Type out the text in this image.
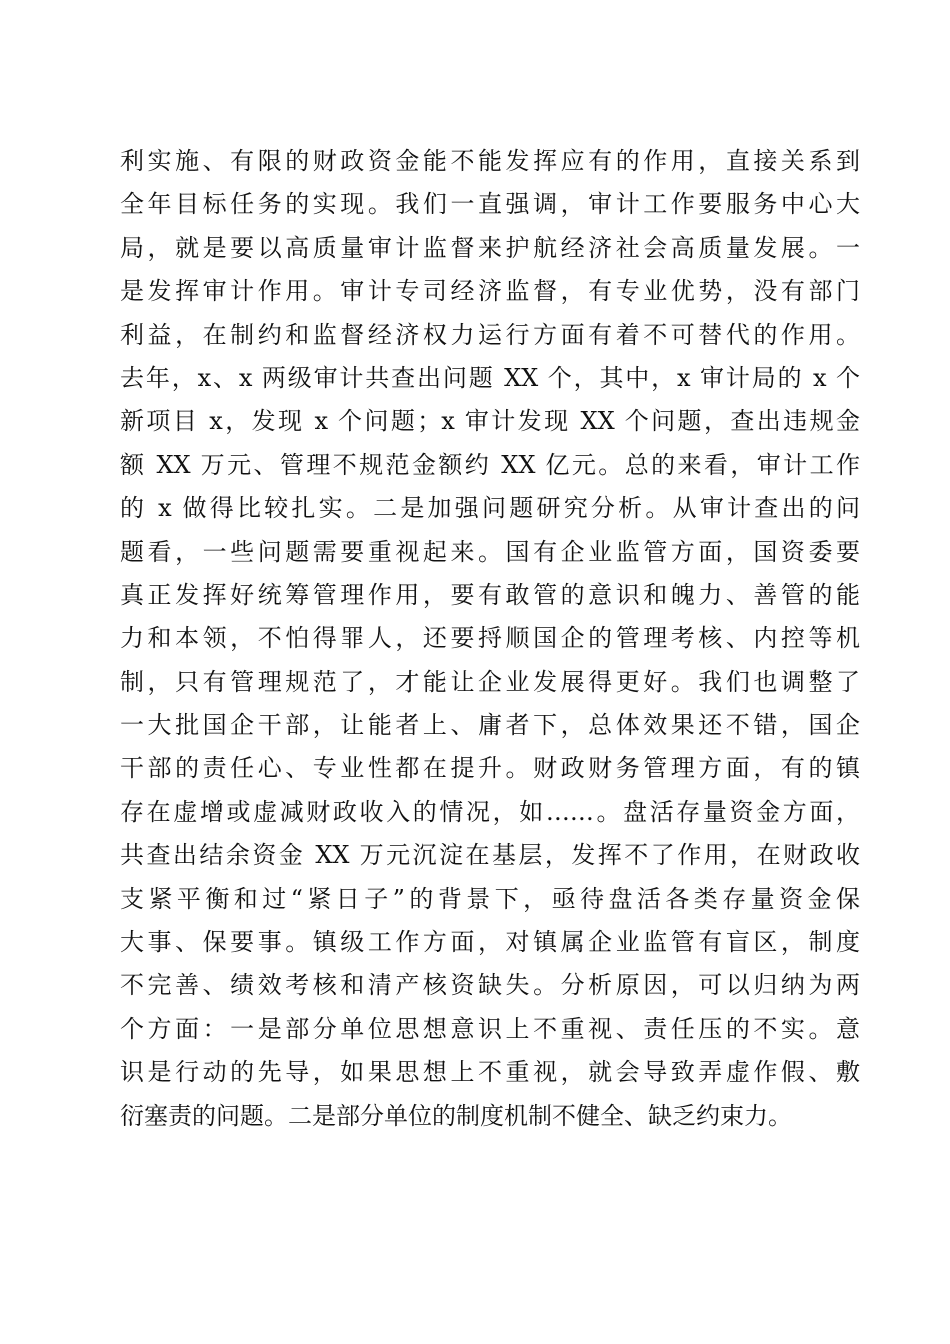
利实施、有限的财政资金能不能发挥应有的作用，直接关系到
全年目标任务的实现。我们一直强调，审计工作要服务中心大
局，就是要以高质量审计监督来护航经济社会高质量发展。一
是发挥审计作用。审计专司经济监督，有专业优势，没有部门
利益，在制约和监督经济权力运行方面有着不可替代的作用。
去年，x、x 两级审计共查出问题 XX 个，其中，x 审计局的 x 个
新项目 x，发现 x 个问题；x 审计发现 XX 个问题，查出违规金
额 XX 万元、管理不规范金额约 XX 亿元。总的来看，审计工作
的 x 做得比较扎实。二是加强问题研究分析。从审计查出的问
题看，一些问题需要重视起来。国有企业监管方面，国资委要
真正发挥好统筹管理作用，要有敢管的意识和魄力、善管的能
力和本领，不怕得罪人，还要捋顺国企的管理考核、内控等机
制，只有管理规范了，才能让企业发展得更好。我们也调整了
一大批国企干部，让能者上、庸者下，总体效果还不错，国企
干部的责任心、专业性都在提升。财政财务管理方面，有的镇
存在虚增或虚减财政收入的情况，如……。盘活存量资金方面，
共查出结余资金 XX 万元沉淀在基层，发挥不了作用，在财政收
支紧平衡和过“紧日子”的背景下，亟待盘活各类存量资金保
大事、保要事。镇级工作方面，对镇属企业监管有盲区，制度
不完善、绩效考核和清产核资缺失。分析原因，可以归纳为两
个方面：一是部分单位思想意识上不重视、责任压的不实。意
识是行动的先导，如果思想上不重视，就会导致弄虚作假、敷
衍塞责的问题。二是部分单位的制度机制不健全、缺乏约束力。
